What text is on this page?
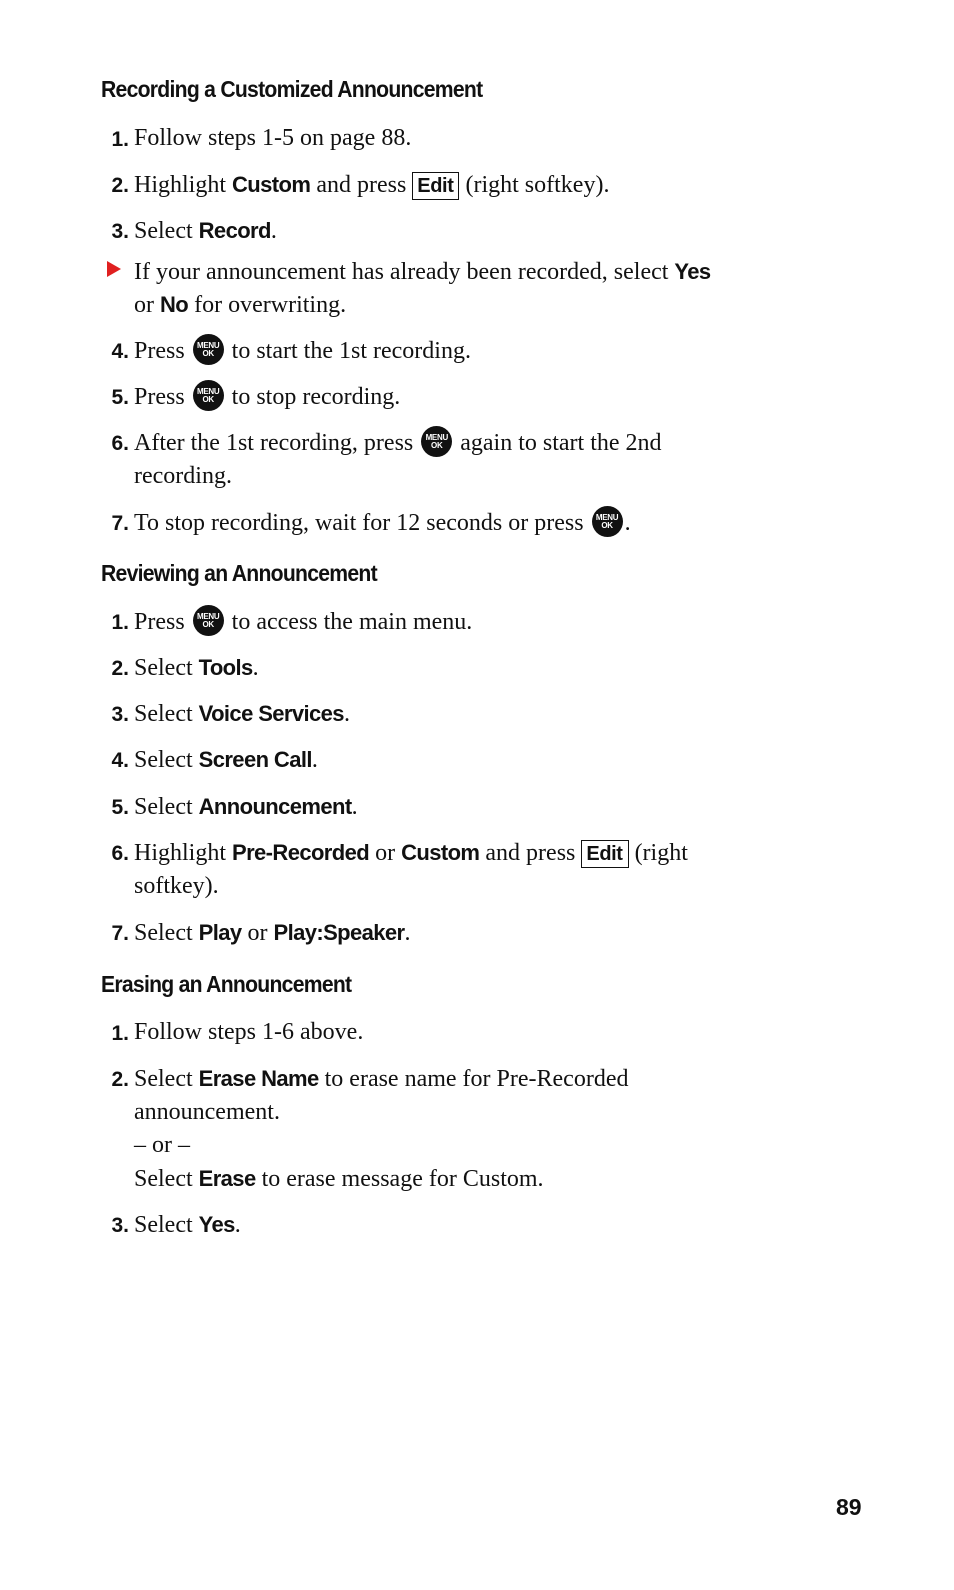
Recording a Customized Announcement
1. Follow steps 1-5 on page 88.
2. Highlight Custom and press Edit (right softkey).
3. Select Record.
If your announcement has already been recorded, select Yes
or No for overwriting.
4. Press MENU
OK to start the 1st recording.
5. Press MENU
OK to stop recording.
6. After the 1st recording, press MENU
OK again to start the 2nd
recording.
7. To stop recording, wait for 12 seconds or press MENU
OK .
Reviewing an Announcement
1. Press MENU
OK to access the main menu.
2. Select Tools.
3. Select Voice Services.
4. Select Screen Call.
5. Select Announcement.
6. Highlight Pre-Recorded or Custom and press Edit (right
softkey).
7. Select Play or Play:Speaker.
Erasing an Announcement
1. Follow steps 1-6 above.
2. Select Erase Name to erase name for Pre-Recorded
announcement.
– or –
Select Erase to erase message for Custom.
3. Select Yes.
89
